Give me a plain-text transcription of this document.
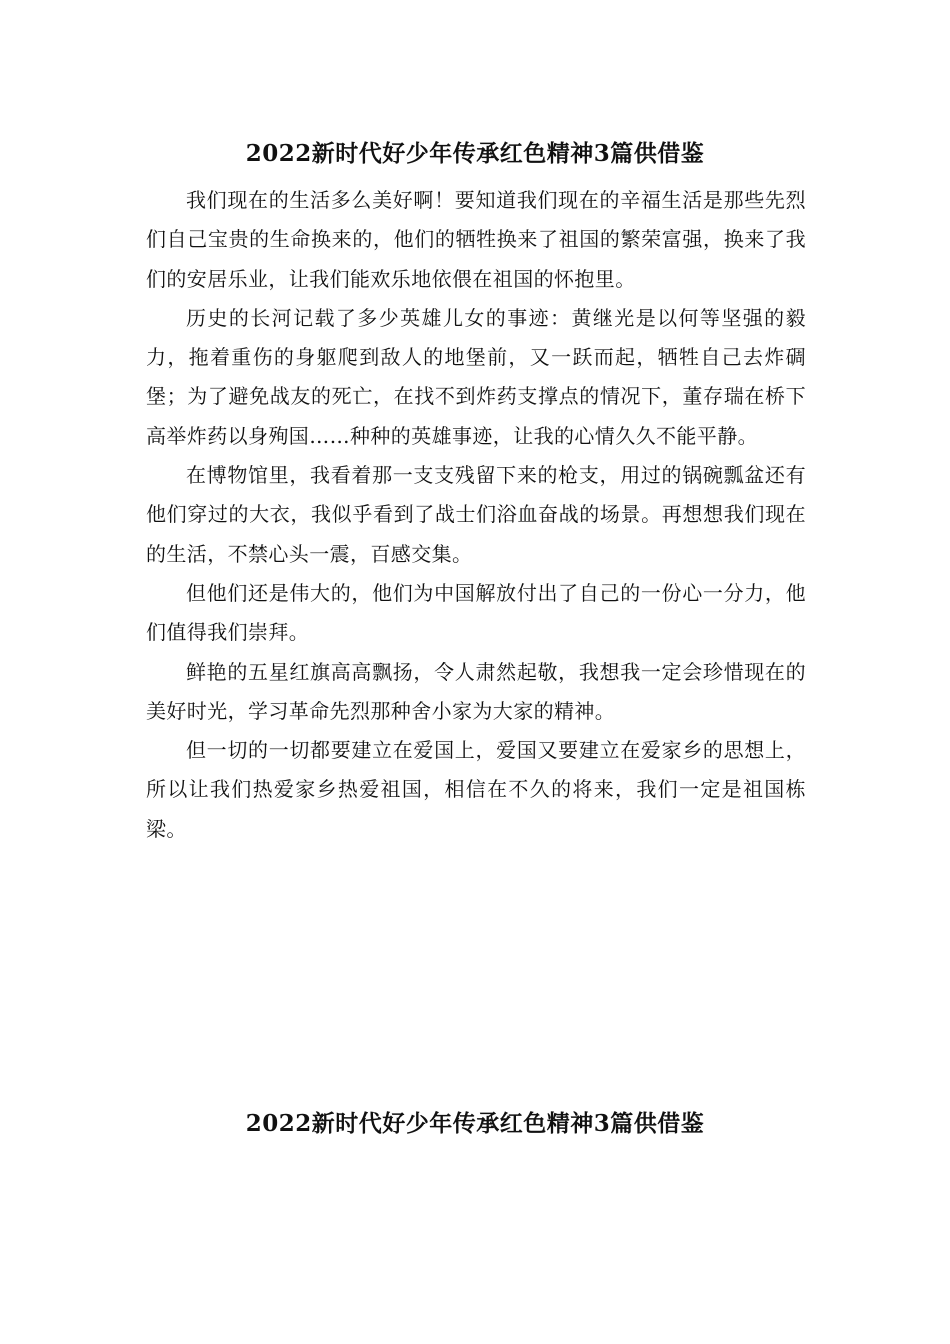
2022新时代好少年传承红色精神3篇供借鉴

我们现在的生活多么美好啊！要知道我们现在的辛福生活是那些先烈们自己宝贵的生命换来的，他们的牺牲换来了祖国的繁荣富强，换来了我们的安居乐业，让我们能欢乐地依偎在祖国的怀抱里。

历史的长河记载了多少英雄儿女的事迹：黄继光是以何等坚强的毅力，拖着重伤的身躯爬到敌人的地堡前，又一跃而起，牺牲自己去炸碉堡；为了避免战友的死亡，在找不到炸药支撑点的情况下，董存瑞在桥下高举炸药以身殉国……种种的英雄事迹，让我的心情久久不能平静。

在博物馆里，我看着那一支支残留下来的枪支，用过的锅碗瓢盆还有他们穿过的大衣，我似乎看到了战士们浴血奋战的场景。再想想我们现在的生活，不禁心头一震，百感交集。

但他们还是伟大的，他们为中国解放付出了自己的一份心一分力，他们值得我们崇拜。

鲜艳的五星红旗高高飘扬，令人肃然起敬，我想我一定会珍惜现在的美好时光，学习革命先烈那种舍小家为大家的精神。

但一切的一切都要建立在爱国上，爱国又要建立在爱家乡的思想上，所以让我们热爱家乡热爱祖国，相信在不久的将来，我们一定是祖国栋梁。

2022新时代好少年传承红色精神3篇供借鉴
